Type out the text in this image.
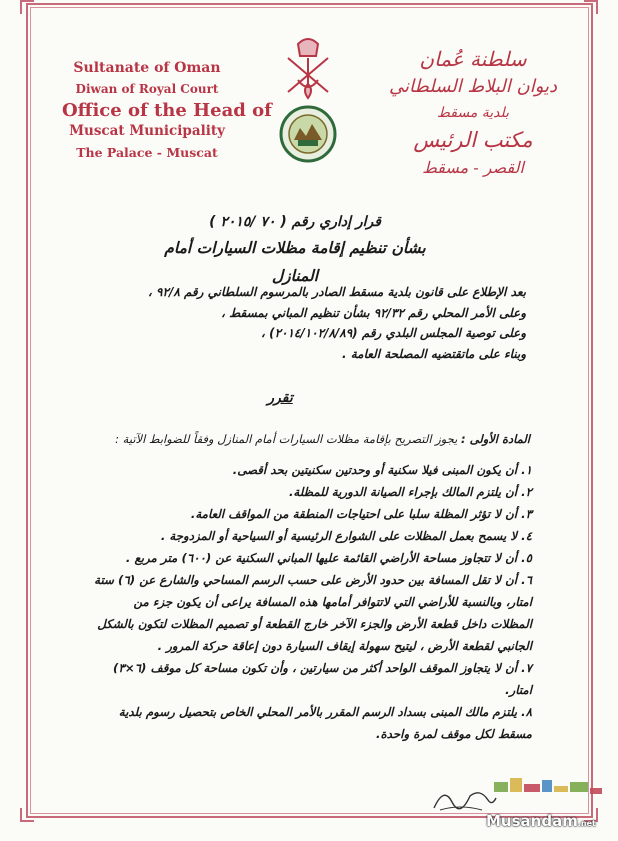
Sultanate of Oman
Diwan of Royal Court
Office of the Head of
Muscat Municipality
The Palace - Muscat
سلطنة عُمان
ديوان البلاط السلطاني
بلدية مسقط
مكتب الرئيس
القصر - مسقط
قرار إداري رقم ( ٧٠ /٢٠١٥ )
بشأن تنظيم إقامة مظلات السيارات أمام المنازل
بعد الإطلاع على قانون بلدية مسقط الصادر بالمرسوم السلطاني رقم ٩٢/٨ ،
وعلى الأمر المحلي رقم ٩٢/٣٢ بشأن تنظيم المباني بمسقط ،
وعلى توصية المجلس البلدي رقم (٢٠١٤/١٠٢/٨/٨٩) ،
وبناء على ماتقتضيه المصلحة العامة .
تقرر
المادة الأولى : يجوز التصريح بإقامة مظلات السيارات أمام المنازل وفقاً للضوابط الآتية :
١. أن يكون المبنى فيلا سكنية أو وحدتين سكنيتين بحد أقصى.
٢. أن يلتزم المالك بإجراء الصيانة الدورية للمظلة.
٣. أن لا تؤثر المظلة سلبا على احتياجات المنطقة من المواقف العامة.
٤. لا يسمح بعمل المظلات على الشوارع الرئيسية أو السياحية أو المزدوجة .
٥. أن لا تتجاوز مساحة الأراضي القائمة عليها المباني السكنية عن (٦٠٠) متر مربع .
٦. أن لا تقل المسافة بين حدود الأرض على حسب الرسم المساحي والشارع عن (٦) ستة امتار، وبالنسبة للأراضي التي لاتتوافر أمامها هذه المسافة يراعى أن يكون جزء من المظلات داخل قطعة الأرض والجزء الآخر خارج القطعة أو تصميم المظلات لتكون بالشكل الجانبي لقطعة الأرض ، ليتيح سهولة إيقاف السيارة دون إعاقة حركة المرور .
٧. أن لا يتجاوز الموقف الواحد أكثر من سيارتين ، وأن تكون مساحة كل موقف (٦×٣) امتار.
٨. يلتزم مالك المبنى بسداد الرسم المقرر بالأمر المحلي الخاص بتحصيل رسوم بلدية مسقط لكل موقف لمرة واحدة.
Musandam.net
